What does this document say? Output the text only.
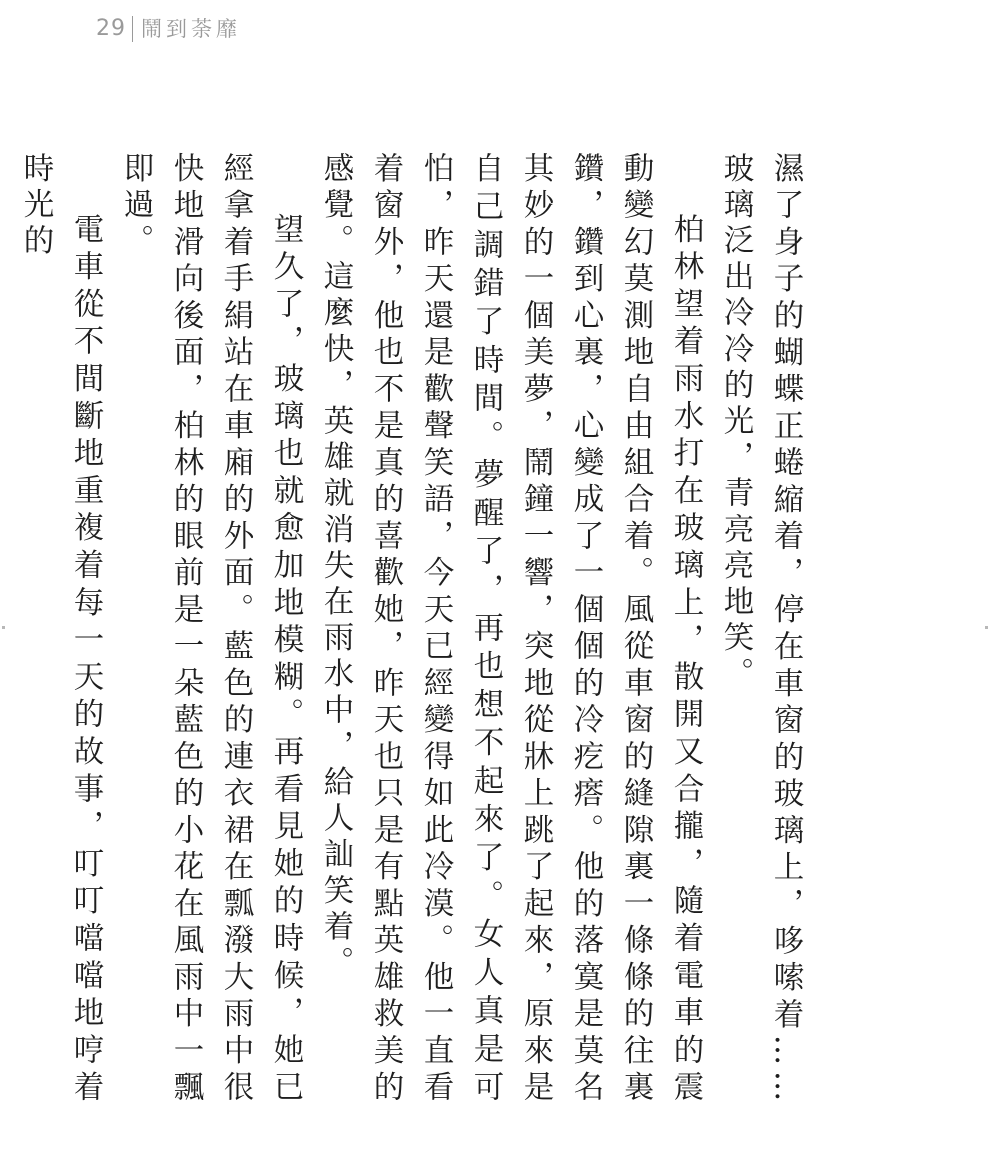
29 鬧到荼靡

濕了身子的蝴蝶正蜷縮着，停在車窗的玻璃上，哆嗦着……玻璃泛出冷冷的光，青亮亮地笑。

柏林望着雨水打在玻璃上，散開又合攏，隨着電車的震動變幻莫測地自由組合着。風從車窗的縫隙裏一條條的往裏鑽，鑽到心裏，心變成了一個個的冷疙瘩。他的落寞是莫名其妙的一個美夢，鬧鐘一響，突地從牀上跳了起來，原來是自己調錯了時間。夢醒了，再也想不起來了。女人真是可怕，昨天還是歡聲笑語，今天已經變得如此冷漠。他一直看着窗外，他也不是真的喜歡她，昨天也只是有點英雄救美的感覺。這麼快，英雄就消失在雨水中，給人訕笑着。

望久了，玻璃也就愈加地模糊。再看見她的時候，她已經拿着手絹站在車廂的外面。藍色的連衣裙在瓢潑大雨中很快地滑向後面，柏林的眼前是一朵藍色的小花在風雨中一飄即過。

電車從不間斷地重複着每一天的故事，叮叮噹噹地哼着時光的
